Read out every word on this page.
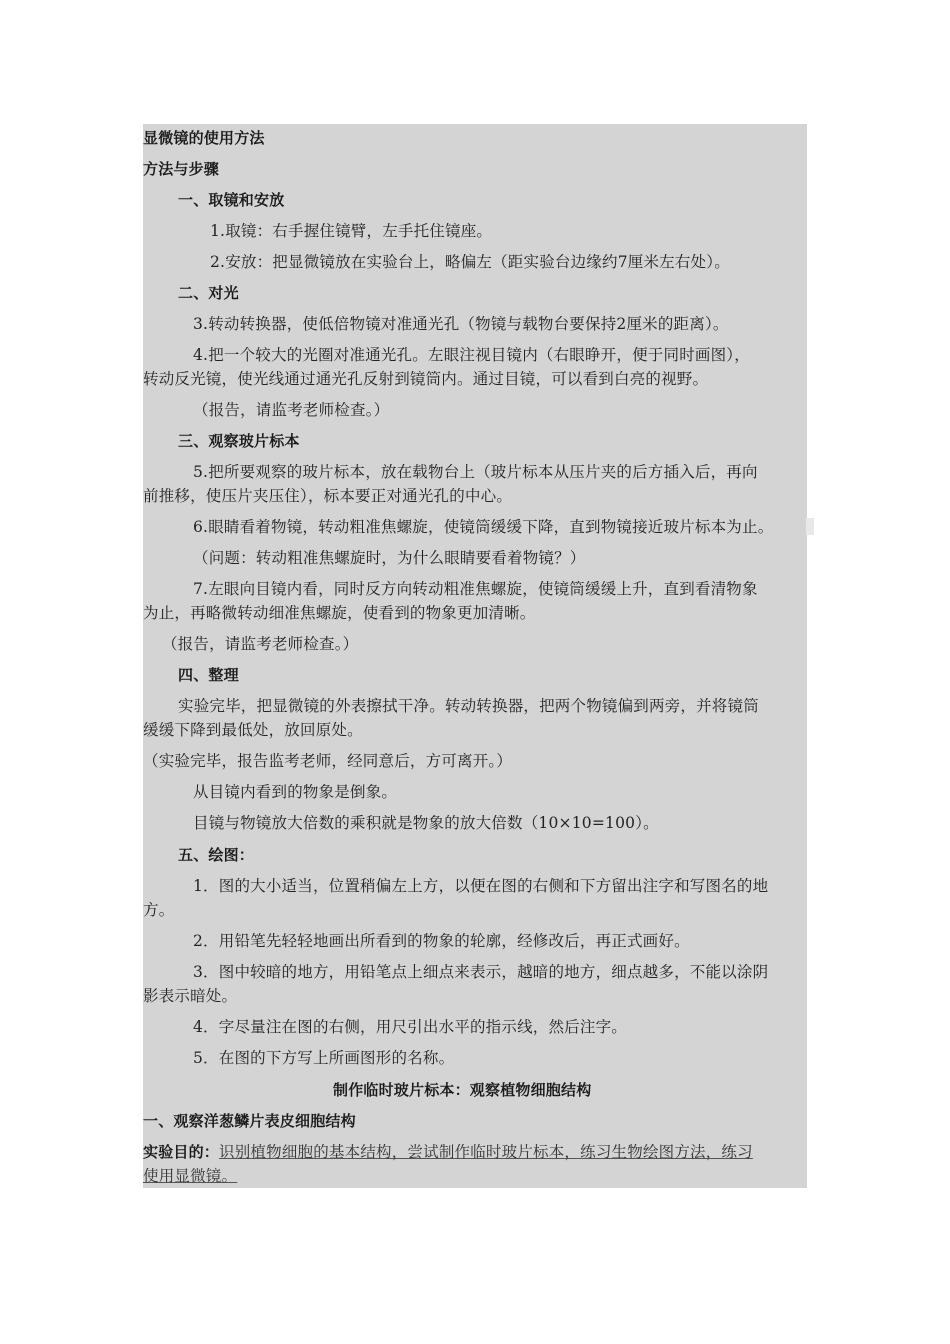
显微镜的使用方法
方法与步骤
一、取镜和安放
1.取镜：右手握住镜臂，左手托住镜座。
2.安放：把显微镜放在实验台上，略偏左（距实验台边缘约7厘米左右处）。
二、对光
3.转动转换器，使低倍物镜对准通光孔（物镜与载物台要保持2厘米的距离）。
4.把一个较大的光圈对准通光孔。左眼注视目镜内（右眼睁开，便于同时画图），
转动反光镜，使光线通过通光孔反射到镜筒内。通过目镜，可以看到白亮的视野。
（报告，请监考老师检查。）
三、观察玻片标本
5.把所要观察的玻片标本，放在载物台上（玻片标本从压片夹的后方插入后，再向
前推移，使压片夹压住），标本要正对通光孔的中心。
6.眼睛看着物镜，转动粗准焦螺旋，使镜筒缓缓下降，直到物镜接近玻片标本为止。
（问题：转动粗准焦螺旋时，为什么眼睛要看着物镜？）
7.左眼向目镜内看，同时反方向转动粗准焦螺旋，使镜筒缓缓上升，直到看清物象
为止，再略微转动细准焦螺旋，使看到的物象更加清晰。
（报告，请监考老师检查。）
四、整理
实验完毕，把显微镜的外表擦拭干净。转动转换器，把两个物镜偏到两旁，并将镜筒
缓缓下降到最低处，放回原处。
（实验完毕，报告监考老师，经同意后，方可离开。）
从目镜内看到的物象是倒象。
目镜与物镜放大倍数的乘积就是物象的放大倍数（10×10=100）。
五、绘图：
1．图的大小适当，位置稍偏左上方，以便在图的右侧和下方留出注字和写图名的地
方。
2．用铅笔先轻轻地画出所看到的物象的轮廓，经修改后，再正式画好。
3．图中较暗的地方，用铅笔点上细点来表示，越暗的地方，细点越多，不能以涂阴
影表示暗处。
4．字尽量注在图的右侧，用尺引出水平的指示线，然后注字。
5．在图的下方写上所画图形的名称。
制作临时玻片标本：观察植物细胞结构
一、观察洋葱鳞片表皮细胞结构
实验目的：识别植物细胞的基本结构，尝试制作临时玻片标本，练习生物绘图方法，练习
使用显微镜。
